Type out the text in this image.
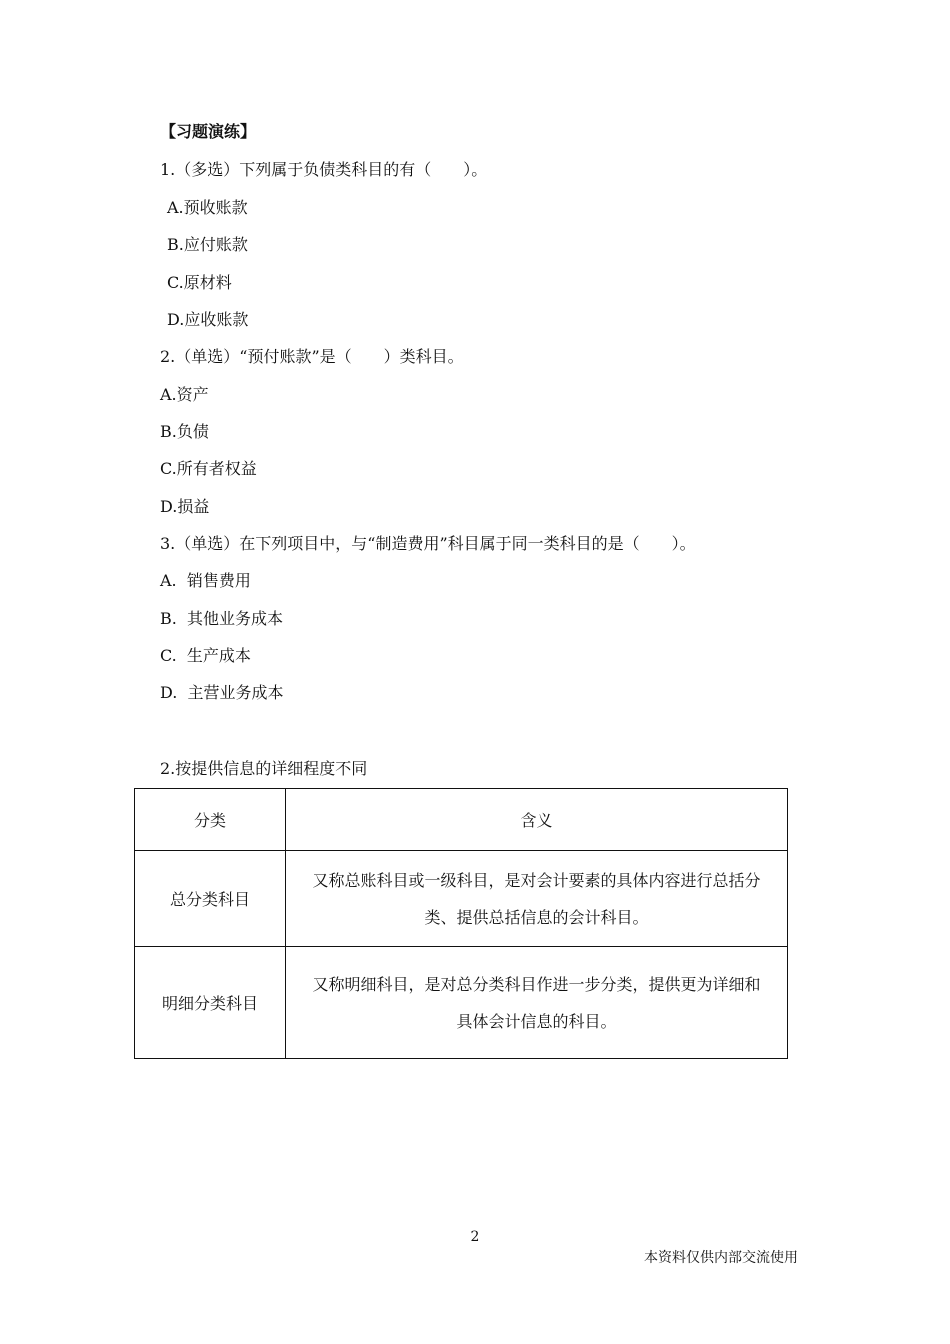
【习题演练】
1.（多选）下列属于负债类科目的有（　　）。
A.预收账款
B.应付账款
C.原材料
D.应收账款
2.（单选）“预付账款”是（　　）类科目。
A.资产
B.负债
C.所有者权益
D.损益
3.（单选）在下列项目中，与“制造费用”科目属于同一类科目的是（　　）。
A.  销售费用
B.  其他业务成本
C.  生产成本
D.  主营业务成本
2.按提供信息的详细程度不同
分类	含义
总分类科目	又称总账科目或一级科目，是对会计要素的具体内容进行总括分
类、提供总括信息的会计科目。

明细分类科目	又称明细科目，是对总分类科目作进一步分类，提供更为详细和
具体会计信息的科目。
2
本资料仅供内部交流使用
